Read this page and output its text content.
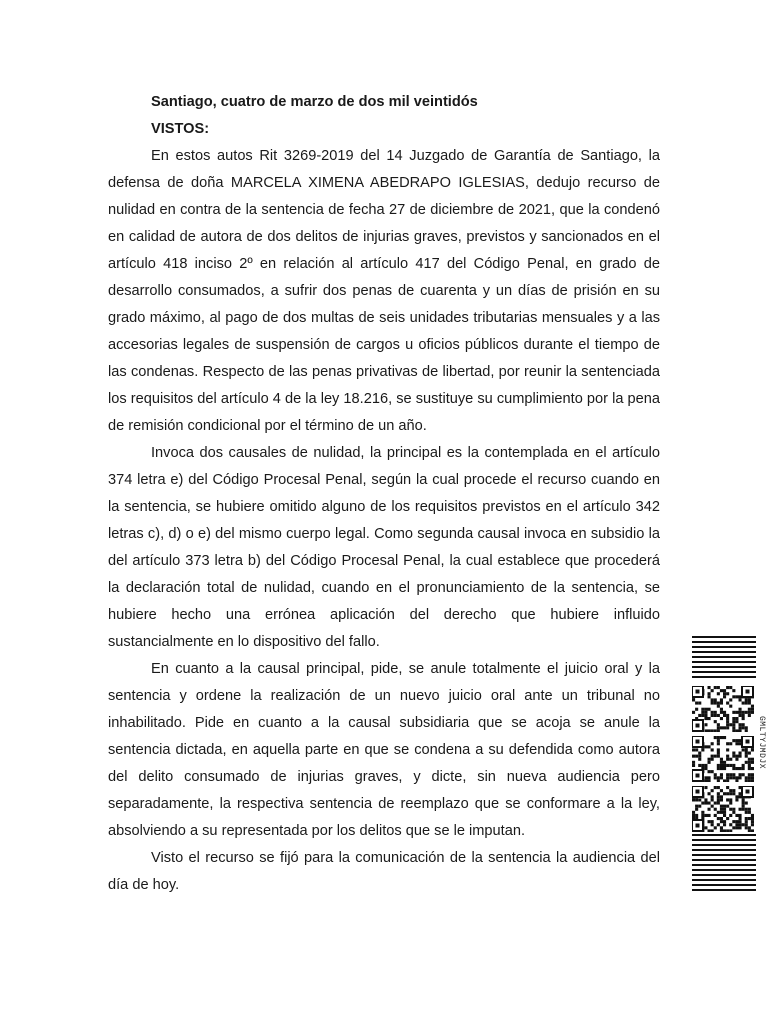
Santiago, cuatro de marzo de dos mil veintidós

VISTOS:

En estos autos Rit 3269-2019 del 14 Juzgado de Garantía de Santiago, la defensa de doña MARCELA XIMENA ABEDRAPO IGLESIAS, dedujo recurso de nulidad en contra de la sentencia de fecha 27 de diciembre de 2021, que la condenó en calidad de autora de dos delitos de injurias graves, previstos y sancionados en el artículo 418 inciso 2º en relación al artículo 417 del Código Penal, en grado de desarrollo consumados, a sufrir dos penas de cuarenta y un días de prisión en su grado máximo, al pago de dos multas de seis unidades tributarias mensuales y a las accesorias legales de suspensión de cargos u oficios públicos durante el tiempo de las condenas. Respecto de las penas privativas de libertad, por reunir la sentenciada los requisitos del artículo 4 de la ley 18.216, se sustituye su cumplimiento por la pena de remisión condicional por el término de un año.

Invoca dos causales de nulidad, la principal es la contemplada en el artículo 374 letra e) del Código Procesal Penal, según la cual procede el recurso cuando en la sentencia, se hubiere omitido alguno de los requisitos previstos en el artículo 342 letras c), d) o e) del mismo cuerpo legal. Como segunda causal invoca en subsidio la del artículo 373 letra b) del Código Procesal Penal, la cual establece que procederá la declaración total de nulidad, cuando en el pronunciamiento de la sentencia, se hubiere hecho una errónea aplicación del derecho que hubiere influido sustancialmente en lo dispositivo del fallo.

En cuanto a la causal principal, pide, se anule totalmente el juicio oral y la sentencia y ordene la realización de un nuevo juicio oral ante un tribunal no inhabilitado. Pide en cuanto a la causal subsidiaria que se acoja se anule la sentencia dictada, en aquella parte en que se condena a su defendida como autora del delito consumado de injurias graves, y dicte, sin nueva audiencia pero separadamente, la respectiva sentencia de reemplazo que se conformare a la ley, absolviendo a su representada por los delitos que se le imputan.

Visto el recurso se fijó para la comunicación de la sentencia la audiencia del día de hoy.

GMLTYJMDJX
